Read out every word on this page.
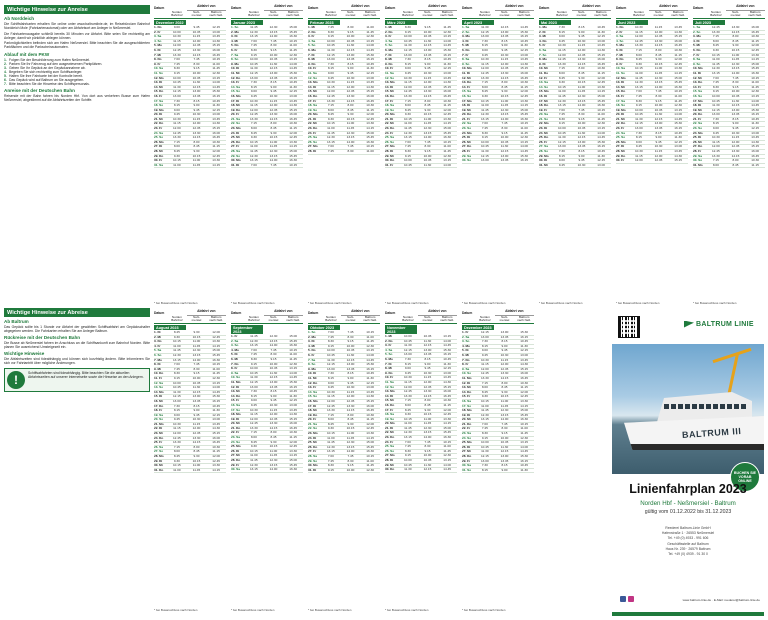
Wichtige Hinweise zur Anreise
Ab Norddeich

Die Schiffsfahrkarten erhalten Sie online unter www.baltrumlinie.de, im Reisebüro/am Bahnhof Norddeich Mole (Fahrkartenautomat) oder am Abfahrtsort am Anleger in Neßmersiel.

Die Fahrkartenausgabe schließt bereits 30 Minuten vor Abfahrt. Bitte seien Sie rechtzeitig am Anleger, damit wir pünktlich ablegen können.

Parkmöglichkeiten befinden sich am Hafen Neßmersiel. Bitte beachten Sie die ausgeschilderten Parkflächen und die Parkscheinautomaten.

Ablauf mit dem PKW
1. Folgen Sie der Beschilderung zum Hafen Neßmersiel.
2. Parken Sie Ihr Fahrzeug auf den ausgewiesenen Parkplätzen.
3. Geben Sie Ihr Gepäck an der Gepäckannahme ab.
4. Begeben Sie sich rechtzeitig zum Schiffsanleger.
5. Halten Sie Ihre Fahrkarte bei der Kontrolle bereit.
6. Das Gepäck wird auf Baltrum an Sie ausgegeben.
7. Bitte beachten Sie die Hinweise des Schiffspersonals.
Anreise mit der Deutschen Bahn

Reisende mit der Bahn fahren bis Norden Hbf. Von dort aus verkehren Busse zum Hafen Neßmersiel, abgestimmt auf die Abfahrtszeiten der Schiffe.

Wichtige Hinweise zur Abreise
Ab Baltrum

Das Gepäck sollte bis 1 Stunde vor Abfahrt der gewählten Schiffsabfahrt am Gepäckschalter abgegeben werden. Die Fahrkarten erhalten Sie am Anleger Baltrum.

Rückreise mit der Deutschen Bahn

Die Busse ab Neßmersiel fahren im Anschluss an die Schiffsankunft zum Bahnhof Norden. Bitte planen Sie ausreichend Umsteigezeit ein.

Wichtige Hinweise

Die Abfahrtszeiten sind tideabhängig und können sich kurzfristig ändern. Bitte informieren Sie sich vor Fahrtantritt über mögliche Änderungen.

!	Schiffsabfahrten sind tideabhängig. Bitte beachten Sie die aktuellen Abfahrtszeiten auf unserer Internetseite sowie die Hinweise an den Anlegern.
Datum	Abfahrt von
Norden
Bahnhof
Neß-
mersiel
Baltrum
nach Neß.
Dezember 2022
1. Do	9.00	9.45	12.15
2. Fr	10.00	10.45	13.00
3. Sa	10.30	11.15	13.45
4. So	11.15	12.00	14.30
5. Mo	12.00	12.45	15.15
6. Di	12.45	13.30	16.00
7. Mi	13.30	14.15	16.45
8. Do	7.00	7.45	10.15
9. Fr	7.45	8.30	11.00
10. Sa	8.30	9.15	11.45
11. So	9.15	10.00	12.30
12. Mo	10.00	10.45	13.15
13. Di	10.45	11.30	14.00
14. Mi	11.30	12.15	14.45
15. Do	12.15	13.00	15.30
16. Fr	13.00	13.45	16.15
17. Sa	7.30	8.15	10.45
18. So	8.15	9.00	11.30
19. Mo	9.00	9.45	12.15
20. Di	9.45	10.30	13.00
21. Mi	10.30	11.15	13.45
22. Do	11.15	12.00	14.30
23. Fr	12.00	12.45	15.15
24. Sa	12.45	13.30	16.00
25. So	13.30	14.15	16.45
26. Mo	7.15	8.00	10.30
27. Di	8.00	8.45	11.15
28. Mi	8.45	9.30	12.00
29. Do	9.30	10.15	12.45
30. Fr	10.15	11.00	13.30
31. Sa	11.00	11.45	14.15
* bei Busanschluss nach Norden
Datum	Abfahrt von
Norden
Bahnhof
Neß-
mersiel
Baltrum
nach Neß.
Januar 2023
1. So	11.45	12.30	15.00
2. Mo	12.30	13.15	15.45
3. Di	13.15	14.00	16.30
4. Mi	7.00	7.45	10.15
5. Do	7.45	8.30	11.00
6. Fr	8.30	9.15	11.45
7. Sa	9.15	10.00	12.30
8. So	10.00	10.45	13.15
9. Mo	10.45	11.30	14.00
10. Di	11.30	12.15	14.45
11. Mi	12.15	13.00	15.30
12. Do	13.00	13.45	16.15
13. Fr	7.30	8.15	10.45
14. Sa	8.15	9.00	11.30
15. So	9.00	9.45	12.15
16. Mo	9.45	10.30	13.00
17. Di	10.30	11.15	13.45
18. Mi	11.15	12.00	14.30
19. Do	12.00	12.45	15.15
20. Fr	12.45	13.30	16.00
21. Sa	13.30	14.15	16.45
22. So	7.15	8.00	10.30
23. Mo	8.00	8.45	11.15
24. Di	8.45	9.30	12.00
25. Mi	9.30	10.15	12.45
26. Do	10.15	11.00	13.30
27. Fr	11.00	11.45	14.15
28. Sa	11.45	12.30	15.00
29. So	12.30	13.15	15.45
30. Mo	13.15	14.00	16.30
31. Di	7.00	7.45	10.15
* bei Busanschluss nach Norden
Datum	Abfahrt von
Norden
Bahnhof
Neß-
mersiel
Baltrum
nach Neß.
Februar 2023
1. Mi	7.45	8.30	11.00
2. Do	8.30	9.15	11.45
3. Fr	9.15	10.00	12.30
4. Sa	10.00	10.45	13.15
5. So	10.45	11.30	14.00
6. Mo	11.30	12.15	14.45
7. Di	12.15	13.00	15.30
8. Mi	13.00	13.45	16.15
9. Do	7.30	8.15	10.45
10. Fr	8.15	9.00	11.30
11. Sa	9.00	9.45	12.15
12. So	9.45	10.30	13.00
13. Mo	10.30	11.15	13.45
14. Di	11.15	12.00	14.30
15. Mi	12.00	12.45	15.15
16. Do	12.45	13.30	16.00
17. Fr	13.30	14.15	16.45
18. Sa	7.15	8.00	10.30
19. So	8.00	8.45	11.15
20. Mo	8.45	9.30	12.00
21. Di	9.30	10.15	12.45
22. Mi	10.15	11.00	13.30
23. Do	11.00	11.45	14.15
24. Fr	11.45	12.30	15.00
25. Sa	12.30	13.15	15.45
26. So	13.15	14.00	16.30
27. Mo	7.00	7.45	10.15
28. Di	7.45	8.30	11.00
* bei Busanschluss nach Norden
Datum	Abfahrt von
Norden
Bahnhof
Neß-
mersiel
Baltrum
nach Neß.
März 2023
1. Mi	8.30	9.15	11.45
2. Do	9.15	10.00	12.30
3. Fr	10.00	10.45	13.15
4. Sa	10.45	11.30	14.00
5. So	11.30	12.15	14.45
6. Mo	12.15	13.00	15.30
7. Di	13.00	13.45	16.15
8. Mi	7.30	8.15	10.45
9. Do	8.15	9.00	11.30
10. Fr	9.00	9.45	12.15
11. Sa	9.45	10.30	13.00
12. So	10.30	11.15	13.45
13. Mo	11.15	12.00	14.30
14. Di	12.00	12.45	15.15
15. Mi	12.45	13.30	16.00
16. Do	13.30	14.15	16.45
17. Fr	7.15	8.00	10.30
18. Sa	8.00	8.45	11.15
19. So	8.45	9.30	12.00
20. Mo	9.30	10.15	12.45
21. Di	10.15	11.00	13.30
22. Mi	11.00	11.45	14.15
23. Do	11.45	12.30	15.00
24. Fr	12.30	13.15	15.45
25. Sa	13.15	14.00	16.30
26. So	7.00	7.45	10.15
27. Mo	7.45	8.30	11.00
28. Di	8.30	9.15	11.45
29. Mi	9.15	10.00	12.30
30. Do	10.00	10.45	13.15
31. Fr	10.45	11.30	14.00
* bei Busanschluss nach Norden
Datum	Abfahrt von
Norden
Bahnhof
Neß-
mersiel
Baltrum
nach Neß.
April 2023
1. Sa	11.30	12.15	14.45
2. So	12.15	13.00	15.30
3. Mo	13.00	13.45	16.15
4. Di	7.30	8.15	10.45
5. Mi	8.15	9.00	11.30
6. Do	9.00	9.45	12.15
7. Fr	9.45	10.30	13.00
8. Sa	10.30	11.15	13.45
9. So	11.15	12.00	14.30
10. Mo	12.00	12.45	15.15
11. Di	12.45	13.30	16.00
12. Mi	13.30	14.15	16.45
13. Do	7.15	8.00	10.30
14. Fr	8.00	8.45	11.15
15. Sa	8.45	9.30	12.00
16. So	9.30	10.15	12.45
17. Mo	10.15	11.00	13.30
18. Di	11.00	11.45	14.15
19. Mi	11.45	12.30	15.00
20. Do	12.30	13.15	15.45
21. Fr	13.15	14.00	16.30
22. Sa	7.00	7.45	10.15
23. So	7.45	8.30	11.00
24. Mo	8.30	9.15	11.45
25. Di	9.15	10.00	12.30
26. Mi	10.00	10.45	13.15
27. Do	10.45	11.30	14.00
28. Fr	11.30	12.15	14.45
29. Sa	12.15	13.00	15.30
30. So	13.00	13.45	16.15
* bei Busanschluss nach Norden
Datum	Abfahrt von
Norden
Bahnhof
Neß-
mersiel
Baltrum
nach Neß.
Mai 2023
1. Mo	7.30	8.15	10.45
2. Di	8.15	9.00	11.30
3. Mi	9.00	9.45	12.15
4. Do	9.45	10.30	13.00
5. Fr	10.30	11.15	13.45
6. Sa	11.15	12.00	14.30
7. So	12.00	12.45	15.15
8. Mo	12.45	13.30	16.00
9. Di	13.30	14.15	16.45
10. Mi	7.15	8.00	10.30
11. Do	8.00	8.45	11.15
12. Fr	8.45	9.30	12.00
13. Sa	9.30	10.15	12.45
14. So	10.15	11.00	13.30
15. Mo	11.00	11.45	14.15
16. Di	11.45	12.30	15.00
17. Mi	12.30	13.15	15.45
18. Do	13.15	14.00	16.30
19. Fr	7.00	7.45	10.15
20. Sa	7.45	8.30	11.00
21. So	8.30	9.15	11.45
22. Mo	9.15	10.00	12.30
23. Di	10.00	10.45	13.15
24. Mi	10.45	11.30	14.00
25. Do	11.30	12.15	14.45
26. Fr	12.15	13.00	15.30
27. Sa	13.00	13.45	16.15
28. So	7.30	8.15	10.45
29. Mo	8.15	9.00	11.30
30. Di	9.00	9.45	12.15
31. Mi	9.45	10.30	13.00
* bei Busanschluss nach Norden
Datum	Abfahrt von
Norden
Bahnhof
Neß-
mersiel
Baltrum
nach Neß.
Juni 2023
1. Do	10.30	11.15	13.45
2. Fr	11.15	12.00	14.30
3. Sa	12.00	12.45	15.15
4. So	12.45	13.30	16.00
5. Mo	13.30	14.15	16.45
6. Di	7.15	8.00	10.30
7. Mi	8.00	8.45	11.15
8. Do	8.45	9.30	12.00
9. Fr	9.30	10.15	12.45
10. Sa	10.15	11.00	13.30
11. So	11.00	11.45	14.15
12. Mo	11.45	12.30	15.00
13. Di	12.30	13.15	15.45
14. Mi	13.15	14.00	16.30
15. Do	7.00	7.45	10.15
16. Fr	7.45	8.30	11.00
17. Sa	8.30	9.15	11.45
18. So	9.15	10.00	12.30
19. Mo	10.00	10.45	13.15
20. Di	10.45	11.30	14.00
21. Mi	11.30	12.15	14.45
22. Do	12.15	13.00	15.30
23. Fr	13.00	13.45	16.15
24. Sa	7.30	8.15	10.45
25. So	8.15	9.00	11.30
26. Mo	9.00	9.45	12.15
27. Di	9.45	10.30	13.00
28. Mi	10.30	11.15	13.45
29. Do	11.15	12.00	14.30
30. Fr	12.00	12.45	15.15
* bei Busanschluss nach Norden
Datum	Abfahrt von
Norden
Bahnhof
Neß-
mersiel
Baltrum
nach Neß.
Juli 2023
1. Sa	12.45	13.30	16.00
2. So	13.30	14.15	16.45
3. Mo	7.15	8.00	10.30
4. Di	8.00	8.45	11.15
5. Mi	8.45	9.30	12.00
6. Do	9.30	10.15	12.45
7. Fr	10.15	11.00	13.30
8. Sa	11.00	11.45	14.15
9. So	11.45	12.30	15.00
10. Mo	12.30	13.15	15.45
11. Di	13.15	14.00	16.30
12. Mi	7.00	7.45	10.15
13. Do	7.45	8.30	11.00
14. Fr	8.30	9.15	11.45
15. Sa	9.15	10.00	12.30
16. So	10.00	10.45	13.15
17. Mo	10.45	11.30	14.00
18. Di	11.30	12.15	14.45
19. Mi	12.15	13.00	15.30
20. Do	13.00	13.45	16.15
21. Fr	7.30	8.15	10.45
22. Sa	8.15	9.00	11.30
23. So	9.00	9.45	12.15
24. Mo	9.45	10.30	13.00
25. Di	10.30	11.15	13.45
26. Mi	11.15	12.00	14.30
27. Do	12.00	12.45	15.15
28. Fr	12.45	13.30	16.00
29. Sa	13.30	14.15	16.45
30. So	7.15	8.00	10.30
31. Mo	8.00	8.45	11.15
* bei Busanschluss nach Norden
Datum	Abfahrt von
Norden
Bahnhof
Neß-
mersiel
Baltrum
nach Neß.
August 2023
1. Di	8.45	9.30	12.00
2. Mi	9.30	10.15	12.45
3. Do	10.15	11.00	13.30
4. Fr	11.00	11.45	14.15
5. Sa	11.45	12.30	15.00
6. So	12.30	13.15	15.45
7. Mo	13.15	14.00	16.30
8. Di	7.00	7.45	10.15
9. Mi	7.45	8.30	11.00
10. Do	8.30	9.15	11.45
11. Fr	9.15	10.00	12.30
12. Sa	10.00	10.45	13.15
13. So	10.45	11.30	14.00
14. Mo	11.30	12.15	14.45
15. Di	12.15	13.00	15.30
16. Mi	13.00	13.45	16.15
17. Do	7.30	8.15	10.45
18. Fr	8.15	9.00	11.30
19. Sa	9.00	9.45	12.15
20. So	9.45	10.30	13.00
21. Mo	10.30	11.15	13.45
22. Di	11.15	12.00	14.30
23. Mi	12.00	12.45	15.15
24. Do	12.45	13.30	16.00
25. Fr	13.30	14.15	16.45
26. Sa	7.15	8.00	10.30
27. So	8.00	8.45	11.15
28. Mo	8.45	9.30	12.00
29. Di	9.30	10.15	12.45
30. Mi	10.15	11.00	13.30
31. Do	11.00	11.45	14.15
* bei Busanschluss nach Norden
Datum	Abfahrt von
Norden
Bahnhof
Neß-
mersiel
Baltrum
nach Neß.
September 2023
1. Fr	11.45	12.30	15.00
2. Sa	12.30	13.15	15.45
3. So	13.15	14.00	16.30
4. Mo	7.00	7.45	10.15
5. Di	7.45	8.30	11.00
6. Mi	8.30	9.15	11.45
7. Do	9.15	10.00	12.30
8. Fr	10.00	10.45	13.15
9. Sa	10.45	11.30	14.00
10. So	11.30	12.15	14.45
11. Mo	12.15	13.00	15.30
12. Di	13.00	13.45	16.15
13. Mi	7.30	8.15	10.45
14. Do	8.15	9.00	11.30
15. Fr	9.00	9.45	12.15
16. Sa	9.45	10.30	13.00
17. So	10.30	11.15	13.45
18. Mo	11.15	12.00	14.30
19. Di	12.00	12.45	15.15
20. Mi	12.45	13.30	16.00
21. Do	13.30	14.15	16.45
22. Fr	7.15	8.00	10.30
23. Sa	8.00	8.45	11.15
24. So	8.45	9.30	12.00
25. Mo	9.30	10.15	12.45
26. Di	10.15	11.00	13.30
27. Mi	11.00	11.45	14.15
28. Do	11.45	12.30	15.00
29. Fr	12.30	13.15	15.45
30. Sa	13.15	14.00	16.30
* bei Busanschluss nach Norden
Datum	Abfahrt von
Norden
Bahnhof
Neß-
mersiel
Baltrum
nach Neß.
Oktober 2023
1. So	7.00	7.45	10.15
2. Mo	7.45	8.30	11.00
3. Di	8.30	9.15	11.45
4. Mi	9.15	10.00	12.30
5. Do	10.00	10.45	13.15
6. Fr	10.45	11.30	14.00
7. Sa	11.30	12.15	14.45
8. So	12.15	13.00	15.30
9. Mo	13.00	13.45	16.15
10. Di	7.30	8.15	10.45
11. Mi	8.15	9.00	11.30
12. Do	9.00	9.45	12.15
13. Fr	9.45	10.30	13.00
14. Sa	10.30	11.15	13.45
15. So	11.15	12.00	14.30
16. Mo	12.00	12.45	15.15
17. Di	12.45	13.30	16.00
18. Mi	13.30	14.15	16.45
19. Do	7.15	8.00	10.30
20. Fr	8.00	8.45	11.15
21. Sa	8.45	9.30	12.00
22. So	9.30	10.15	12.45
23. Mo	10.15	11.00	13.30
24. Di	11.00	11.45	14.15
25. Mi	11.45	12.30	15.00
26. Do	12.30	13.15	15.45
27. Fr	13.15	14.00	16.30
28. Sa	7.00	7.45	10.15
29. So	7.45	8.30	11.00
30. Mo	8.30	9.15	11.45
31. Di	9.15	10.00	12.30
* bei Busanschluss nach Norden
Datum	Abfahrt von
Norden
Bahnhof
Neß-
mersiel
Baltrum
nach Neß.
November 2023
1. Mi	10.00	10.45	13.15
2. Do	10.45	11.30	14.00
3. Fr	11.30	12.15	14.45
4. Sa	12.15	13.00	15.30
5. So	13.00	13.45	16.15
6. Mo	7.30	8.15	10.45
7. Di	8.15	9.00	11.30
8. Mi	9.00	9.45	12.15
9. Do	9.45	10.30	13.00
10. Fr	10.30	11.15	13.45
11. Sa	11.15	12.00	14.30
12. So	12.00	12.45	15.15
13. Mo	12.45	13.30	16.00
14. Di	13.30	14.15	16.45
15. Mi	7.15	8.00	10.30
16. Do	8.00	8.45	11.15
17. Fr	8.45	9.30	12.00
18. Sa	9.30	10.15	12.45
19. So	10.15	11.00	13.30
20. Mo	11.00	11.45	14.15
21. Di	11.45	12.30	15.00
22. Mi	12.30	13.15	15.45
23. Do	13.15	14.00	16.30
24. Fr	7.00	7.45	10.15
25. Sa	7.45	8.30	11.00
26. So	8.30	9.15	11.45
27. Mo	9.15	10.00	12.30
28. Di	10.00	10.45	13.15
29. Mi	10.45	11.30	14.00
30. Do	11.30	12.15	14.45
* bei Busanschluss nach Norden
Datum	Abfahrt von
Norden
Bahnhof
Neß-
mersiel
Baltrum
nach Neß.
Dezember 2023
1. Fr	12.15	13.00	15.30
2. Sa	13.00	13.45	16.15
3. So	7.30	8.15	10.45
4. Mo	8.15	9.00	11.30
5. Di	9.00	9.45	12.15
6. Mi	9.45	10.30	13.00
7. Do	10.30	11.15	13.45
8. Fr	11.15	12.00	14.30
9. Sa	12.00	12.45	15.15
10. So	12.45	13.30	16.00
11. Mo	13.30	14.15	16.45
12. Di	7.15	8.00	10.30
13. Mi	8.00	8.45	11.15
14. Do	8.45	9.30	12.00
15. Fr	9.30	10.15	12.45
16. Sa	10.15	11.00	13.30
17. So	11.00	11.45	14.15
18. Mo	11.45	12.30	15.00
19. Di	12.30	13.15	15.45
20. Mi	13.15	14.00	16.30
21. Do	7.00	7.45	10.15
22. Fr	7.45	8.30	11.00
23. Sa	8.30	9.15	11.45
24. So	9.15	10.00	12.30
25. Mo	10.00	10.45	13.15
26. Di	10.45	11.30	14.00
27. Mi	11.30	12.15	14.45
28. Do	12.15	13.00	15.30
29. Fr	13.00	13.45	16.15
30. Sa	7.30	8.15	10.45
31. So	8.15	9.00	11.30
* bei Busanschluss nach Norden
BALTRUM LINIE
BALTRUM III
BUCHEN SIE VORAB ONLINE
Linienfahrplan 2023
Norden Hbf - Neßmersiel - Baltrum
gültig vom 01.12.2022 bis 31.12.2023
Reederei Baltrum-Linie GmbH
Hafenstraße 1 · 26553 Neßmersiel
Tel. +49 (0) 4933 - 991 606
Geschäftsstelle auf Baltrum
Haus Nr. 239 · 26579 Baltrum
Tel. +49 (0) 4939 - 91 30 0
www.baltrum-linie.de · E-Mail: reederei@baltrum-linie.de
